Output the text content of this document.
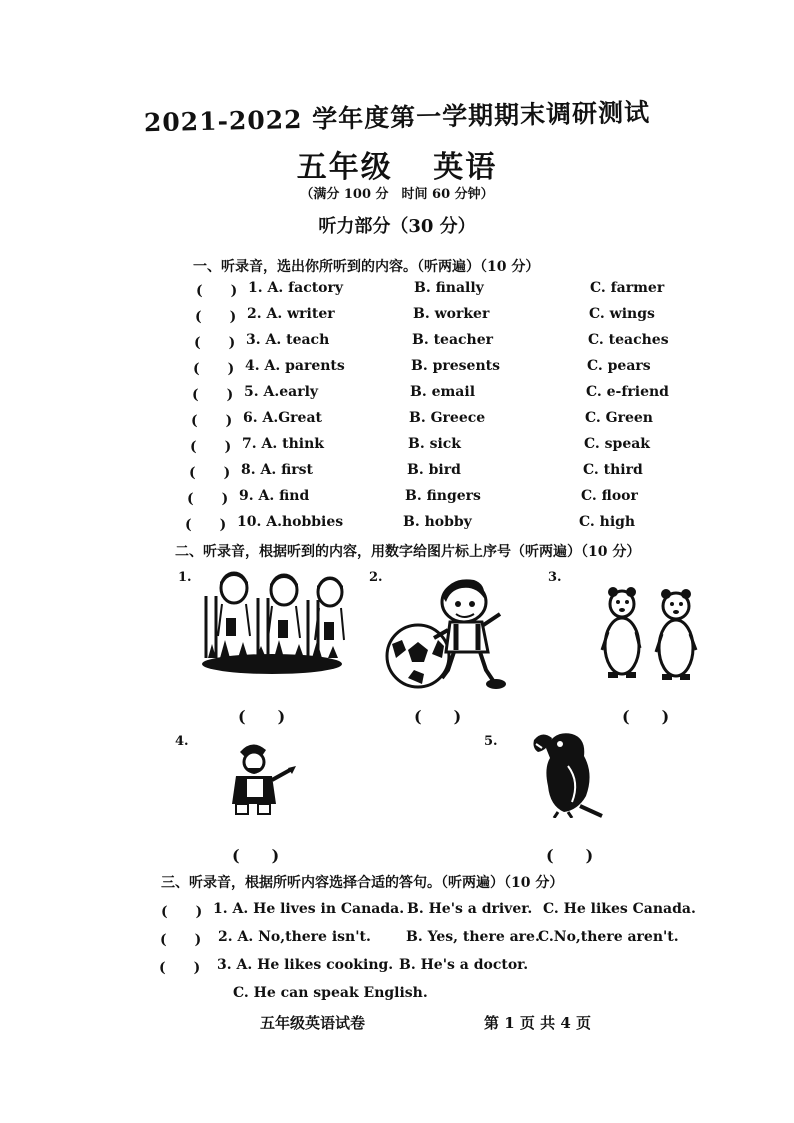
2021-2022 学年度第一学期期末调研测试
五年级 英语
（满分 100 分　时间 60 分钟）
听力部分（30 分）
一、听录音，选出你所听到的内容。（听两遍）（10 分）
(　　) 1. A. factory	B. finally	C. farmer
(　　) 2. A. writer	B. worker	C. wings
(　　) 3. A. teach	B. teacher	C. teaches
(　　) 4. A. parents	B. presents	C. pears
(　　) 5. A.early	B. email	C. e-friend
(　　) 6. A.Great	B. Greece	C. Green
(　　) 7. A. think	B. sick	C. speak
(　　) 8. A. first	B. bird	C. third
(　　) 9. A. find	B. fingers	C. floor
(　　) 10. A.hobbies	B. hobby	C. high
二、听录音，根据听到的内容，用数字给图片标上序号（听两遍）（10 分）
1.
(　　)
2.
(　　)
3.
(　　)
4.
(　　)
5.
(　　)
三、听录音，根据所听内容选择合适的答句。（听两遍）（10 分）
(　　) 1. A. He lives in Canada. B. He's a driver. C. He likes Canada.
(　　) 2. A. No,there isn't.	B. Yes, there are.
C.No,there aren't.
(　　) 3. A. He likes cooking. B. He's a doctor.
C. He can speak English.
五年级英语试卷	第 1 页 共 4 页
